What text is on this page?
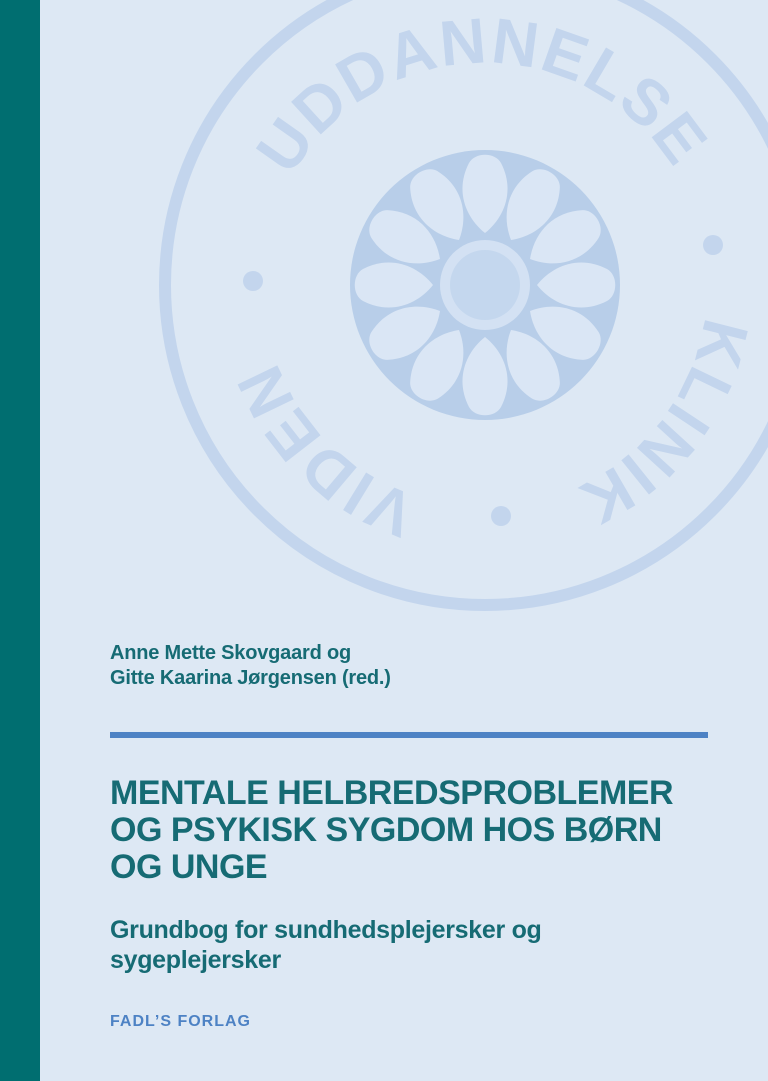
UDDANNELSE
KLINIK
VIDEN
Anne Mette Skovgaard og
Gitte Kaarina Jørgensen (red.)
MENTALE HELBREDSPROBLEMER
OG PSYKISK SYGDOM HOS BØRN
OG UNGE
Grundbog for sundhedsplejersker og sygeplejersker
FADL’S FORLAG
